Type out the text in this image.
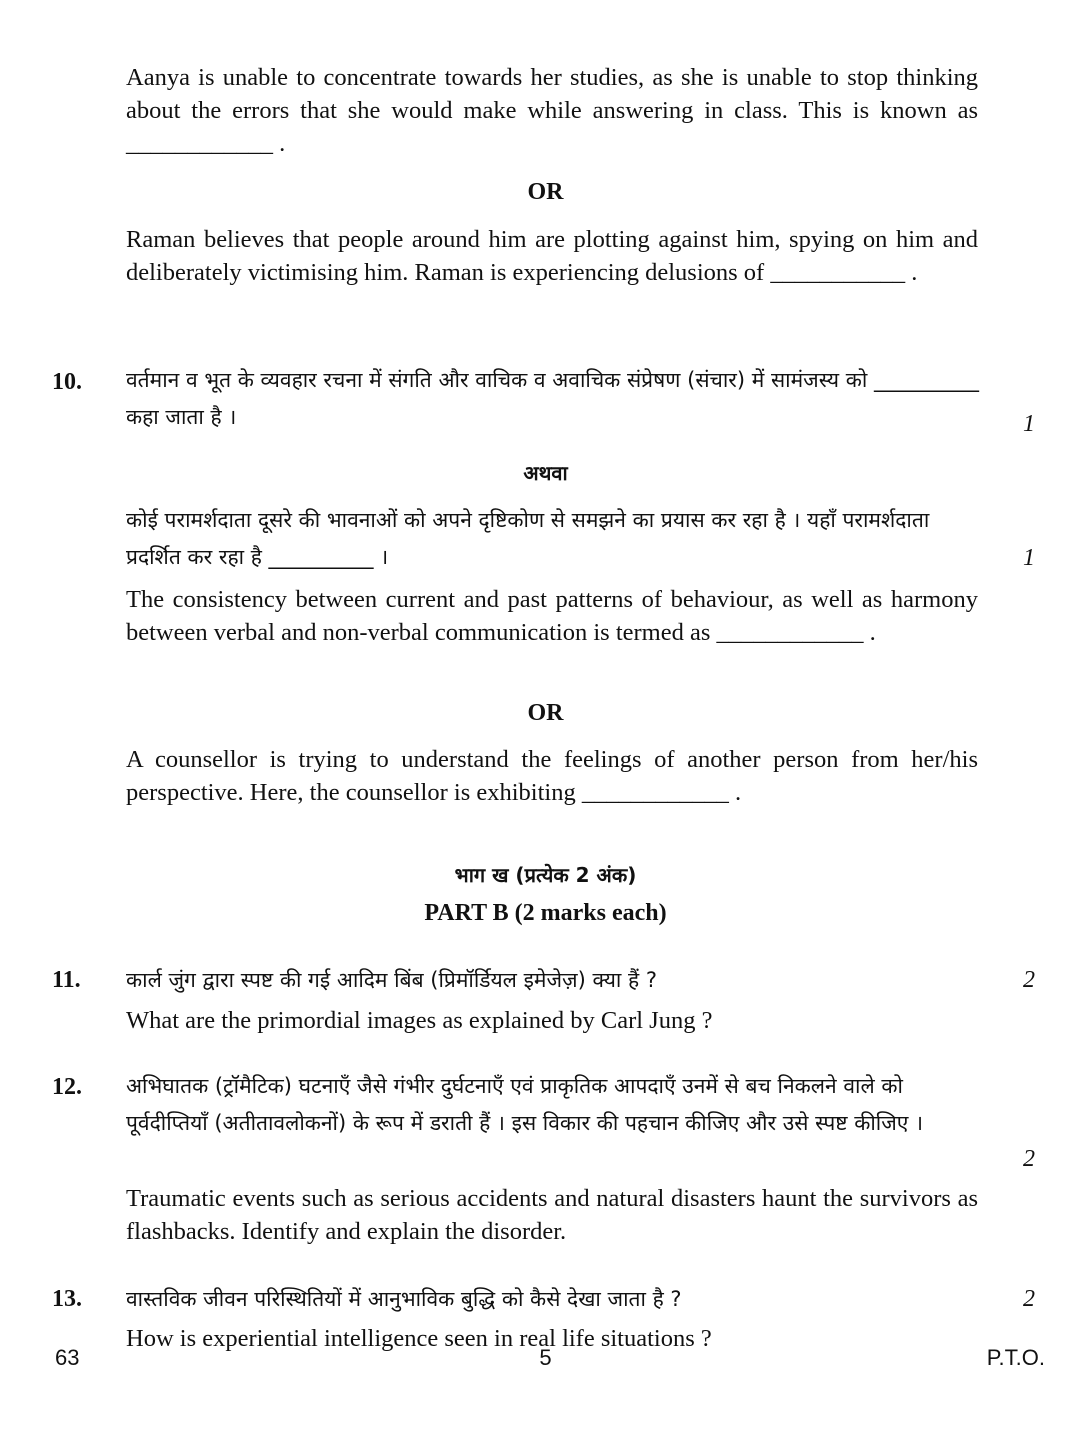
Aanya is unable to concentrate towards her studies, as she is unable to stop thinking about the errors that she would make while answering in class. This is known as ____________ .
OR
Raman believes that people around him are plotting against him, spying on him and deliberately victimising him. Raman is experiencing delusions of ___________ .
10. वर्तमान व भूत के व्यवहार रचना में संगति और वाचिक व अवाचिक संप्रेषण (संचार) में सामंजस्य को __________ कहा जाता है ।	1
अथवा
कोई परामर्शदाता दूसरे की भावनाओं को अपने दृष्टिकोण से समझने का प्रयास कर रहा है । यहाँ परामर्शदाता प्रदर्शित कर रहा है __________ ।	1
The consistency between current and past patterns of behaviour, as well as harmony between verbal and non-verbal communication is termed as ____________ .
OR
A counsellor is trying to understand the feelings of another person from her/his perspective. Here, the counsellor is exhibiting ____________ .
भाग ख (प्रत्येक 2 अंक)
PART B (2 marks each)
11. कार्ल जुंग द्वारा स्पष्ट की गई आदिम बिंब (प्रिमॉर्डियल इमेजेज़) क्या हैं ?	2
What are the primordial images as explained by Carl Jung ?
12. अभिघातक (ट्रॉमैटिक) घटनाएँ जैसे गंभीर दुर्घटनाएँ एवं प्राकृतिक आपदाएँ उनमें से बच निकलने वाले को पूर्वदीप्तियाँ (अतीतावलोकनों) के रूप में डराती हैं । इस विकार की पहचान कीजिए और उसे स्पष्ट कीजिए ।
2
Traumatic events such as serious accidents and natural disasters haunt the survivors as flashbacks. Identify and explain the disorder.
13. वास्तविक जीवन परिस्थितियों में आनुभाविक बुद्धि को कैसे देखा जाता है ?	2
How is experiential intelligence seen in real life situations ?
63	5	P.T.O.
